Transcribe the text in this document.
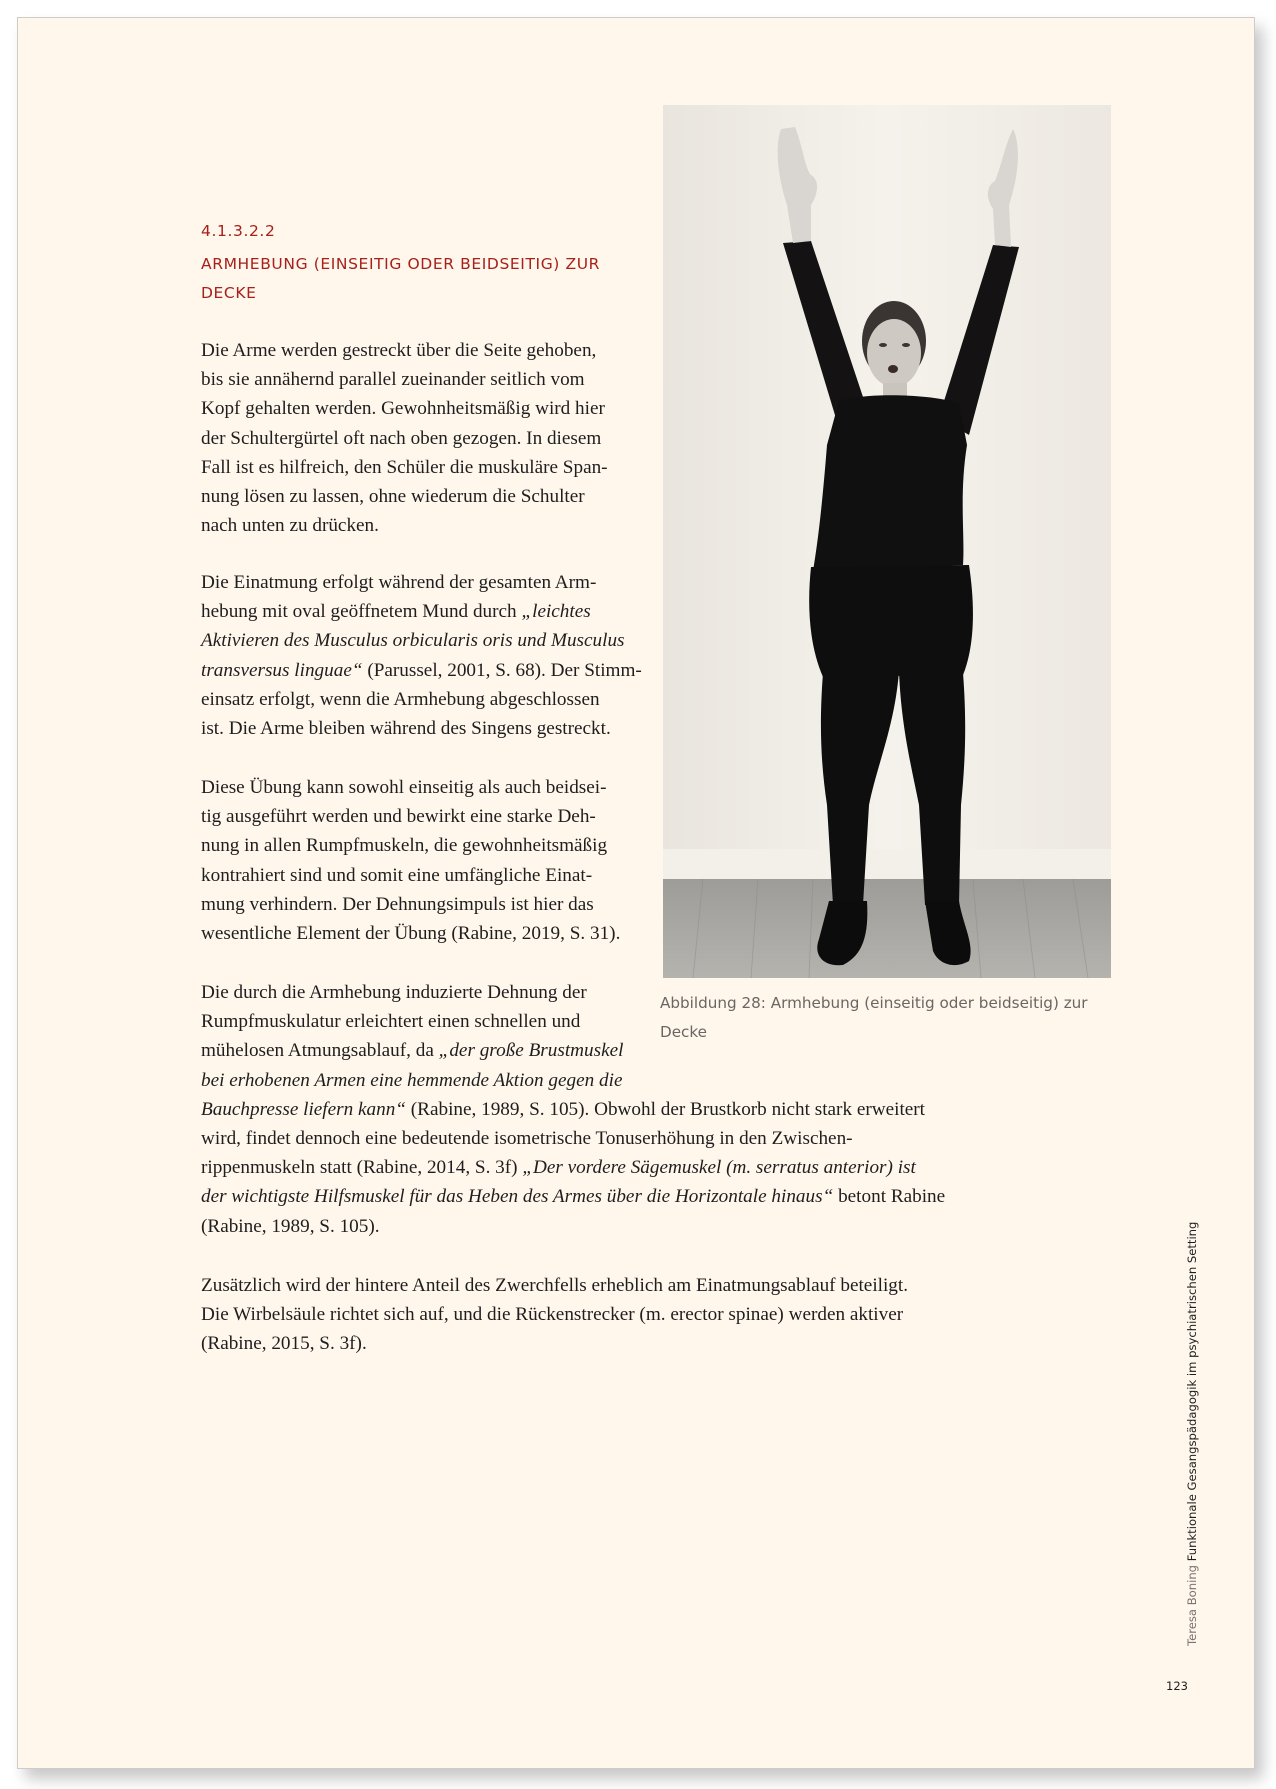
4.1.3.2.2
ARMHEBUNG (EINSEITIG ODER BEIDSEITIG) ZUR
DECKE

Die Arme werden gestreckt über die Seite gehoben,
bis sie annähernd parallel zueinander seitlich vom
Kopf gehalten werden. Gewohnheitsmäßig wird hier
der Schultergürtel oft nach oben gezogen. In diesem
Fall ist es hilfreich, den Schüler die muskuläre Span-
nung lösen zu lassen, ohne wiederum die Schulter
nach unten zu drücken.

Die Einatmung erfolgt während der gesamten Arm-
hebung mit oval geöffnetem Mund durch „leichtes
Aktivieren des Musculus orbicularis oris und Musculus
transversus linguae“ (Parussel, 2001, S. 68). Der Stimm-
einsatz erfolgt, wenn die Armhebung abgeschlossen
ist. Die Arme bleiben während des Singens gestreckt.

Diese Übung kann sowohl einseitig als auch beidsei-
tig ausgeführt werden und bewirkt eine starke Deh-
nung in allen Rumpfmuskeln, die gewohnheitsmäßig
kontrahiert sind und somit eine umfängliche Einat-
mung verhindern. Der Dehnungsimpuls ist hier das
wesentliche Element der Übung (Rabine, 2019, S. 31).

Die durch die Armhebung induzierte Dehnung der
Rumpfmuskulatur erleichtert einen schnellen und
mühelosen Atmungsablauf, da „der große Brustmuskel
bei erhobenen Armen eine hemmende Aktion gegen die
Bauchpresse liefern kann“ (Rabine, 1989, S. 105). Obwohl der Brustkorb nicht stark erweitert
wird, findet dennoch eine bedeutende isometrische Tonuserhöhung in den Zwischen-
rippenmuskeln statt (Rabine, 2014, S. 3f) „Der vordere Sägemuskel (m. serratus anterior) ist
der wichtigste Hilfsmuskel für das Heben des Armes über die Horizontale hinaus“ betont Rabine
(Rabine, 1989, S. 105).

Zusätzlich wird der hintere Anteil des Zwerchfells erheblich am Einatmungsablauf beteiligt.
Die Wirbelsäule richtet sich auf, und die Rückenstrecker (m. erector spinae) werden aktiver
(Rabine, 2015, S. 3f).

Abbildung 28: Armhebung (einseitig oder beidseitig) zur
Decke
Teresa Boning Funktionale Gesangspädagogik im psychiatrischen Setting
123
